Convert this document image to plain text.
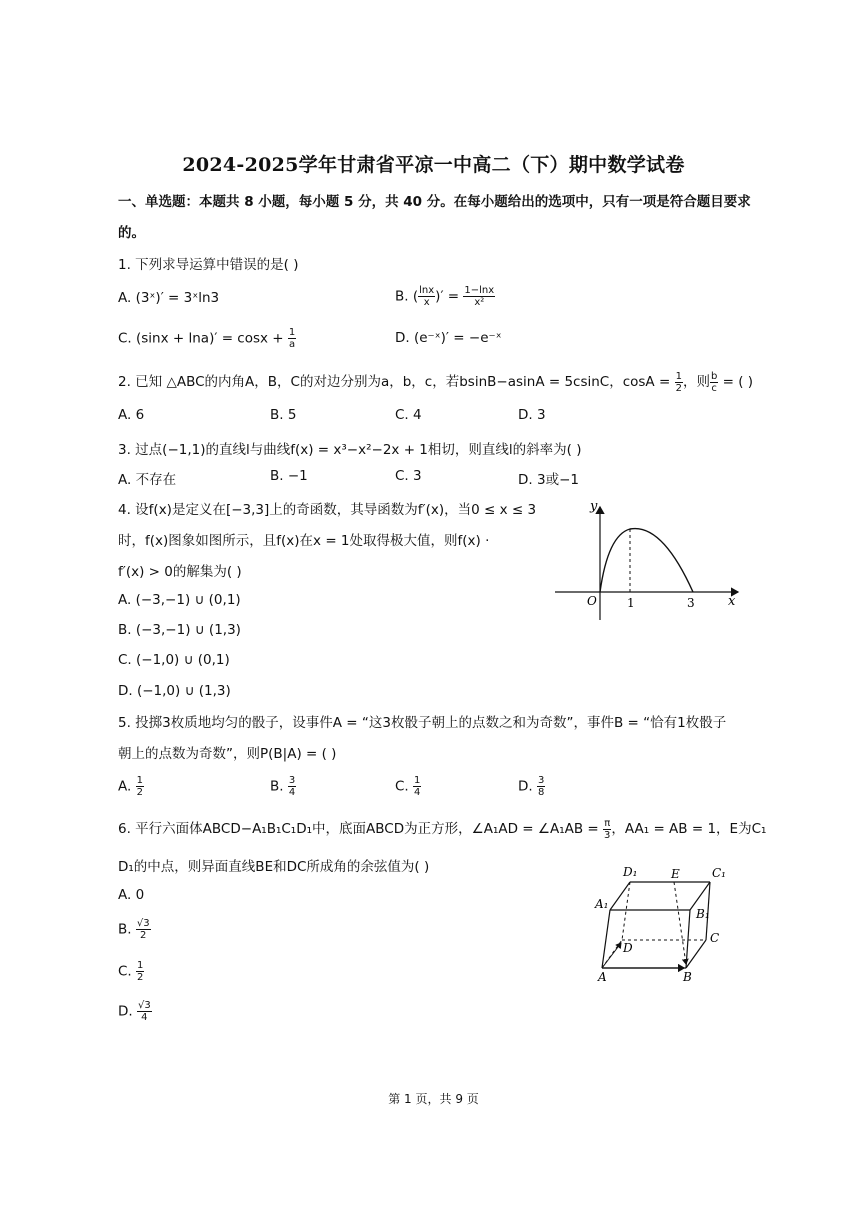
2024-2025学年甘肃省平凉一中高二（下）期中数学试卷
一、单选题：本题共 8 小题，每小题 5 分，共 40 分。在每小题给出的选项中，只有一项是符合题目要求
的。
1. 下列求导运算中错误的是( )
A. (3ˣ)′ = 3ˣln3	B. ( $\frac{\ln x}{x}$ )′ = $\frac{1-\ln x}{\text{x²}}$
C. $(\sin x + \ln a)' = \cos x + \frac{1}{a}$	D. (e⁻ˣ)′ = −e⁻ˣ
2. 已知 △ABC的内角A，B，C的对边分别为a，b，c，若bsinB−asinA = 5csinC，$\cos A = \frac{1}{2}$ ，则 $\frac{b}{c}$ = ( )
A. 6	B. 5	C. 4	D. 3
3. 过点(−1,1)的直线l与曲线f(x) = x³−x²−2x + 1相切，则直线l的斜率为( )
A. 不存在	B. −1	C. 3	D. 3或−1
4. 设f(x)是定义在[−3,3]上的奇函数，其导函数为f′(x)，当0 ≤ x ≤ 3
时，f(x)图象如图所示，且f(x)在x = 1处取得极大值，则f(x) ·
f′(x) > 0的解集为( )
A. (−3,−1) ∪ (0,1)
B. (−3,−1) ∪ (1,3)
C. (−1,0) ∪ (0,1)
D. (−1,0) ∪ (1,3)
y
x
O	1	3
5. 投掷3枚质地均匀的骰子，设事件A = “这3枚骰子朝上的点数之和为奇数”，事件B = “恰有1枚骰子
朝上的点数为奇数”，则P(B|A) = ( )
A. $\frac{1}{2}$	B. $\frac{3}{4}$	C. $\frac{1}{4}$	D. $\frac{3}{8}$
6. 平行六面体ABCD−A₁B₁C₁D₁中，底面ABCD为正方形，∠A₁AD = ∠A₁AB = $\frac{\pi}{3}$ ，AA₁ = AB = 1，E为C₁
D₁的中点，则异面直线BE和DC所成角的余弦值为( )
A. 0
B. $\frac{√3}{2}$
C. $\frac{1}{2}$
D. $\frac{√3}{4}$
D₁	E	C₁
A₁
B₁
C
D
A	B
第 1 页，共 9 页
